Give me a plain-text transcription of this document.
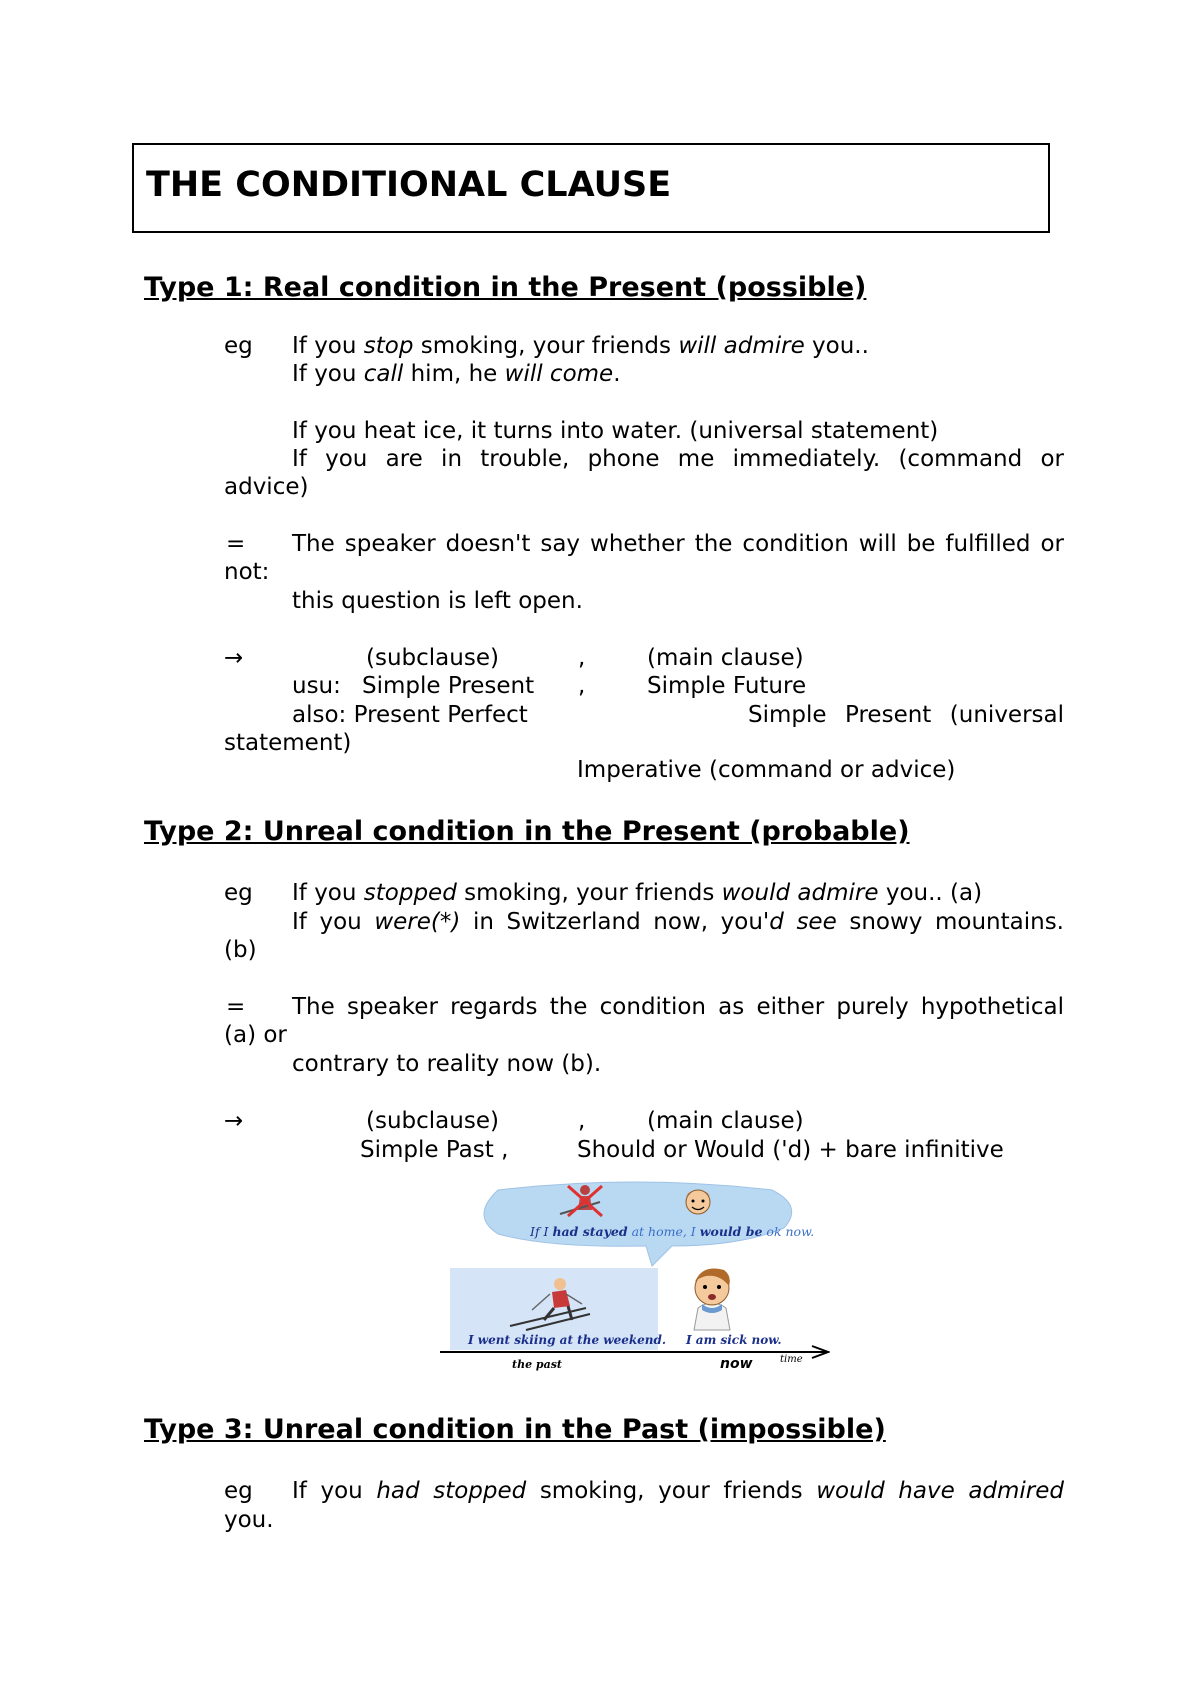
THE CONDITIONAL CLAUSE
Type 1: Real condition in the Present (possible)
eg If you stop smoking, your friends will admire you..
If you call him, he will come.
If you heat ice, it turns into water. (universal statement)
If you are in trouble, phone me immediately. (command or
advice)
= The speaker doesn't say whether the condition will be fulfilled or
not:
this question is left open.
→	(subclause)	,	(main clause)
usu: Simple Present ,	Simple Future
also: Present Perfect	Simple Present (universal
statement)
Imperative (command or advice)
Type 2: Unreal condition in the Present (probable)
eg If you stopped smoking, your friends would admire you.. (a)
If you were(*) in Switzerland now, you'd see snowy mountains.
(b)
= The speaker regards the condition as either purely hypothetical
(a) or
contrary to reality now (b).
→	(subclause)	,	(main clause)
Simple Past ,	Should or Would ('d) + bare infinitive
If I had stayed at home, I would be ok now.
I went skiing at the weekend. I am sick now.
the past	now	time
Type 3: Unreal condition in the Past (impossible)
eg If you had stopped smoking, your friends would have admired
you.
